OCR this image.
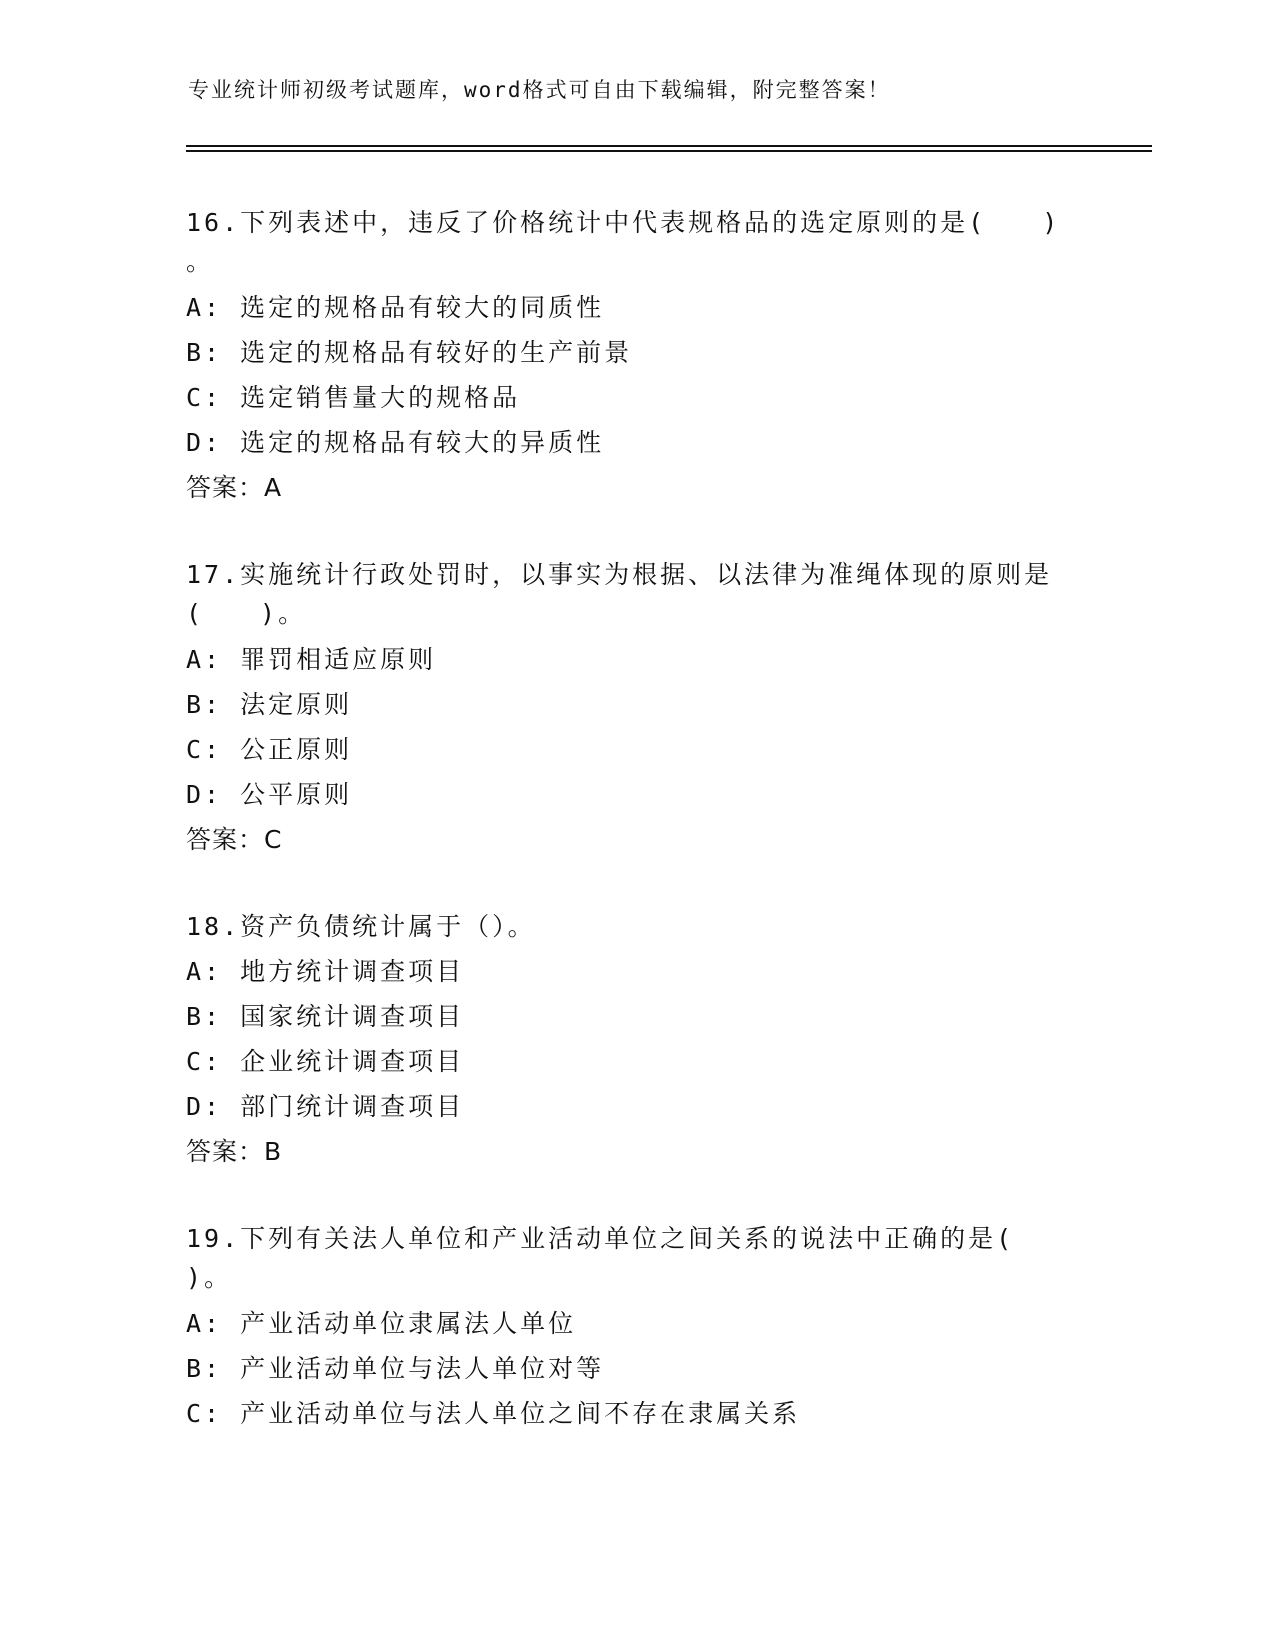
专业统计师初级考试题库，word格式可自由下载编辑，附完整答案！
16.下列表述中，违反了价格统计中代表规格品的选定原则的是(　　)
。
A: 选定的规格品有较大的同质性
B: 选定的规格品有较好的生产前景
C: 选定销售量大的规格品
D: 选定的规格品有较大的异质性
答案：A
17.实施统计行政处罚时，以事实为根据、以法律为准绳体现的原则是
(　　)。
A: 罪罚相适应原则
B: 法定原则
C: 公正原则
D: 公平原则
答案：C
18.资产负债统计属于（）。
A: 地方统计调查项目
B: 国家统计调查项目
C: 企业统计调查项目
D: 部门统计调查项目
答案：B
19.下列有关法人单位和产业活动单位之间关系的说法中正确的是(
)。
A: 产业活动单位隶属法人单位
B: 产业活动单位与法人单位对等
C: 产业活动单位与法人单位之间不存在隶属关系
